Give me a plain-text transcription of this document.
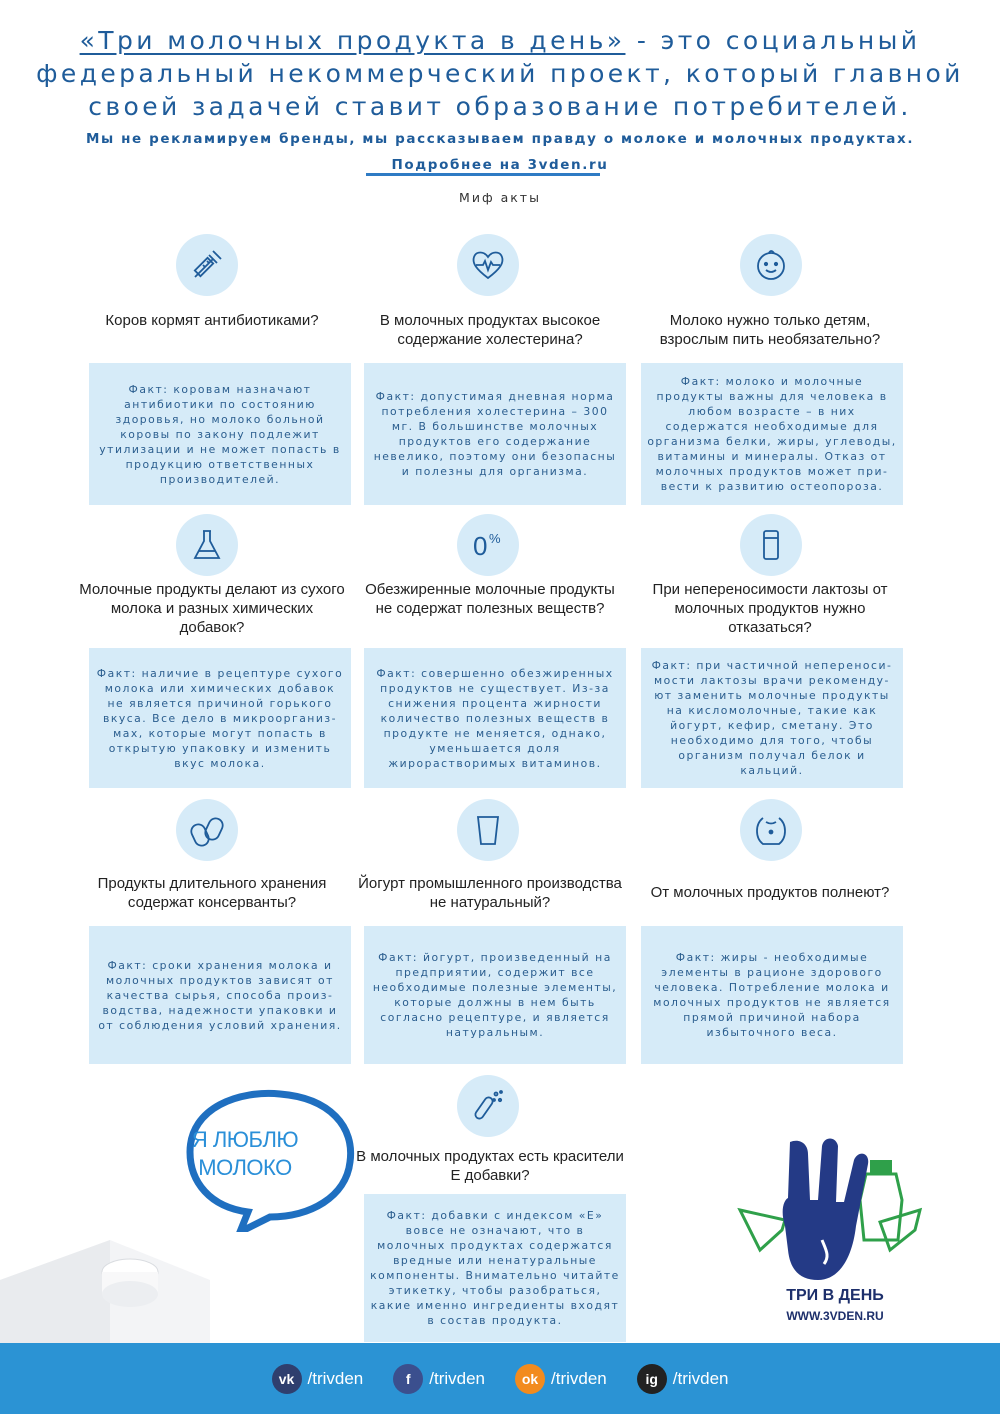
«Три молочных продукта в день» - это социальный
федеральный некоммерческий проект, который главной
своей задачей ставит образование потребителей.
Мы не рекламируем бренды, мы рассказываем правду о молоке и молочных продуктах.
Подробнее на 3vden.ru
Миф акты
Коров кормят антибиотиками?
Факт: коровам назначают антибиотики по состоянию здоровья, но молоко больной коровы по закону подлежит утилизации и не может попасть в продукцию ответственных производителей.
В молочных продуктах высокое содержание холестерина?
Факт: допустимая дневная норма потребления холестерина – 300 мг. В большинстве молочных продуктов его содержание невелико, поэтому они безопасны и полезны для организма.
Молоко нужно только детям, взрослым пить необязательно?
Факт: молоко и молочные продукты важны для человека в любом возрасте – в них содержатся необходимые для организма белки, жиры, углеводы, витамины и минералы. Отказ от молочных продуктов может при-вести к развитию остеопороза.
Молочные продукты делают из сухого молока и разных химических добавок?
Факт: наличие в рецептуре сухого молока или химических добавок не является причиной горького вкуса. Все дело в микроорганиз-мах, которые могут попасть в открытую упаковку и изменить вкус молока.
0 %
Обезжиренные молочные продукты не содержат полезных веществ?
Факт: совершенно обезжиренных продуктов не существует. Из-за снижения процента жирности количество полезных веществ в продукте не меняется, однако, уменьшается доля жирорастворимых витаминов.
При непереносимости лактозы от молочных продуктов нужно отказаться?
Факт: при частичной непереноси-мости лактозы врачи рекоменду-ют заменить молочные продукты на кисломолочные, такие как йогурт, кефир, сметану. Это необходимо для того, чтобы организм получал белок и кальций.
Продукты длительного хранения содержат консерванты?
Факт: сроки хранения молока и молочных продуктов зависят от качества сырья, способа произ-водства, надежности упаковки и от соблюдения условий хранения.
Йогурт промышленного производства не натуральный?
Факт: йогурт, произведенный на предприятии, содержит все необходимые полезные элементы, которые должны в нем быть согласно рецептуре, и является натуральным.
От молочных продуктов полнеют?
Факт: жиры - необходимые элементы в рационе здорового человека. Потребление молока и молочных продуктов не является прямой причиной набора избыточного веса.
В молочных продуктах есть красители Е добавки?
Факт: добавки с индексом «Е» вовсе не означают, что в молочных продуктах содержатся вредные или ненатуральные компоненты. Внимательно читайте этикетку, чтобы разобраться, какие именно ингредиенты входят в состав продукта.
Я ЛЮБЛЮ
МОЛОКО
ТРИ В ДЕНЬ
WWW.3VDEN.RU
vk /trivden	f	/trivden	ok /trivden	ig /trivden
